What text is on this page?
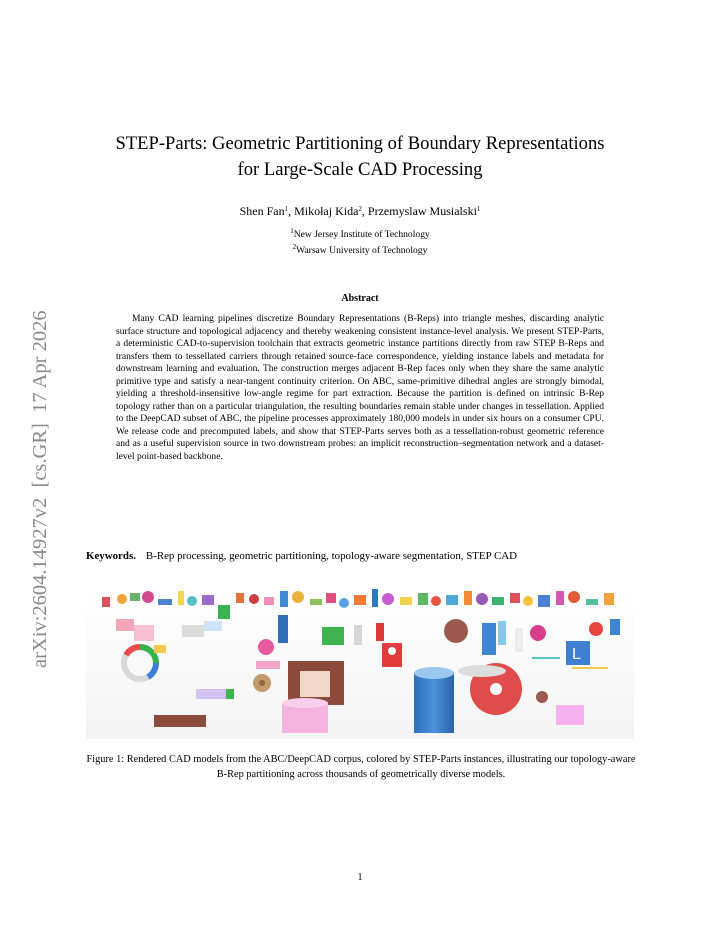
arXiv:2604.14927v2  [cs.GR]  17 Apr 2026
STEP-Parts: Geometric Partitioning of Boundary Representations
for Large-Scale CAD Processing
Shen Fan$^1$, Mikołaj Kida$^2$, Przemyslaw Musialski$^1$
$^1$New Jersey Institute of Technology
$^2$Warsaw University of Technology
Abstract

Many CAD learning pipelines discretize Boundary Representations (B-Reps) into triangle meshes, discarding analytic surface structure and topological adjacency and thereby weakening consistent instance-level analysis. We present STEP-Parts, a deterministic CAD-to-supervision toolchain that extracts geometric instance partitions directly from raw STEP B-Reps and transfers them to tessellated carriers through retained source-face correspondence, yielding instance labels and metadata for downstream learning and evaluation. The construction merges adjacent B-Rep faces only when they share the same analytic primitive type and satisfy a near-tangent continuity criterion. On ABC, same-primitive dihedral angles are strongly bimodal, yielding a threshold-insensitive low-angle regime for part extraction. Because the partition is defined on intrinsic B-Rep topology rather than on a particular triangulation, the resulting boundaries remain stable under changes in tessellation. Applied to the DeepCAD subset of ABC, the pipeline processes approximately 180,000 models in under six hours on a consumer CPU. We release code and precomputed labels, and show that STEP-Parts serves both as a tessellation-robust geometric reference and as a useful supervision source in two downstream probes: an implicit reconstruction–segmentation network and a dataset-level point-based backbone.

Keywords. B-Rep processing, geometric partitioning, topology-aware segmentation, STEP CAD
L

Figure 1: Rendered CAD models from the ABC/DeepCAD corpus, colored by STEP-Parts instances, illustrating our topology-aware B-Rep partitioning across thousands of geometrically diverse models.

1
